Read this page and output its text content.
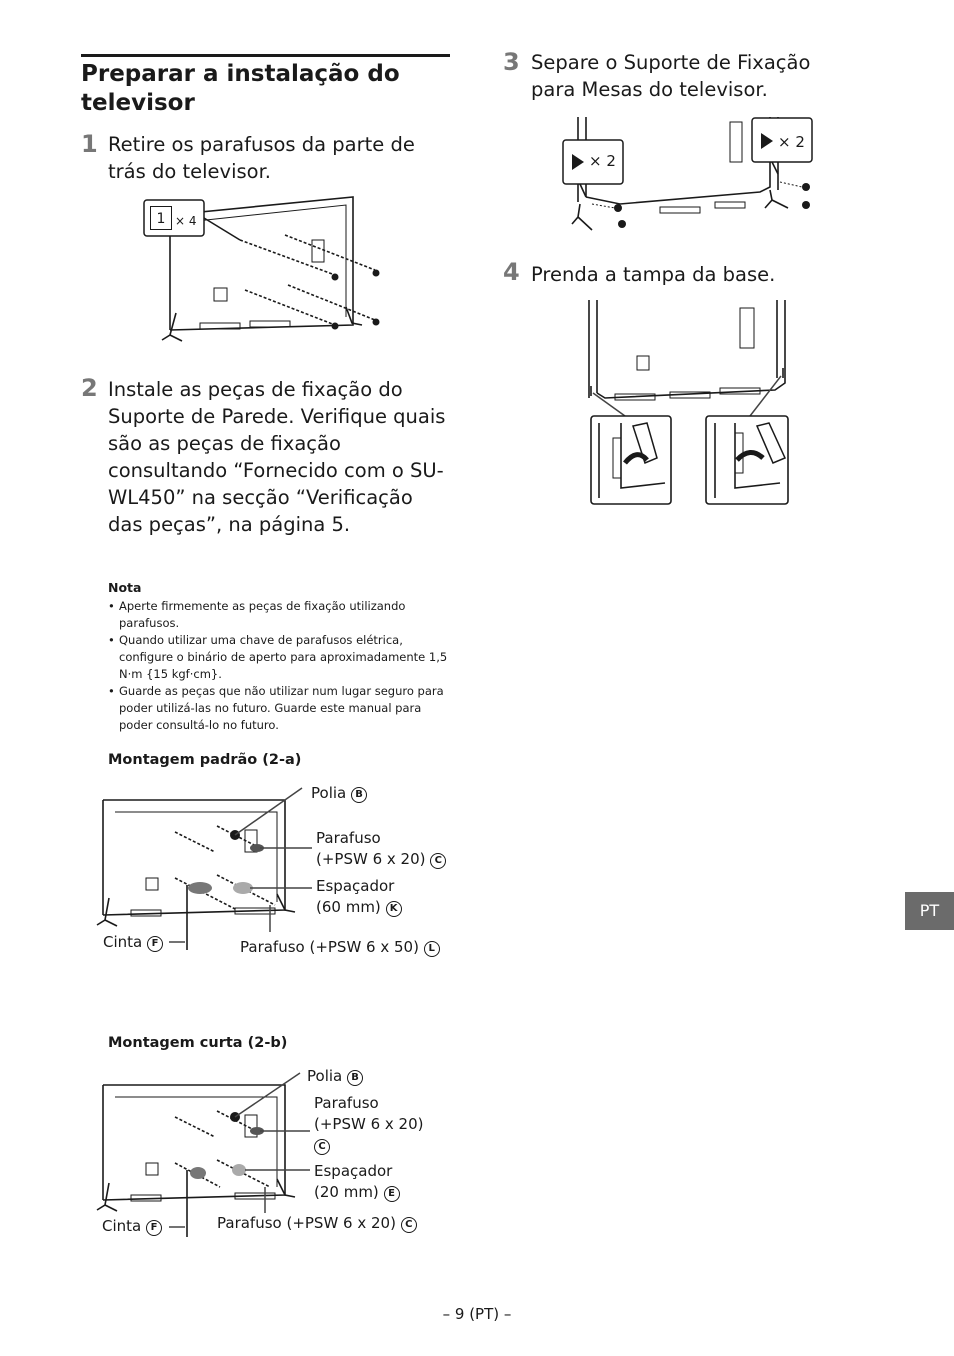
Preparar a instalação do televisor
1 Retire os parafusos da parte de trás do televisor.
1 × 4
2 Instale as peças de fixação do Suporte de Parede. Verifique quais são as peças de fixação consultando “Fornecido com o SU-WL450” na secção “Verificação das peças”, na página 5.
Nota
• Aperte firmemente as peças de fixação utilizando parafusos.
• Quando utilizar uma chave de parafusos elétrica, configure o binário de aperto para aproximadamente 1,5 N·m {15 kgf·cm}.
• Guarde as peças que não utilizar num lugar seguro para poder utilizá-las no futuro. Guarde este manual para poder consultá-lo no futuro.
Montagem padrão (2-a)
Polia B
Parafuso
(+PSW 6 x 20) C
Espaçador
(60 mm) K
Cinta F	Parafuso (+PSW 6 x 50) L
Montagem curta (2-b)
Polia B
Parafuso
(+PSW 6 x 20)
C
Espaçador
(20 mm) E
Cinta F	Parafuso (+PSW 6 x 20) C
3 Separe o Suporte de Fixação para Mesas do televisor.
× 2
× 2
4 Prenda a tampa da base.
PT
– 9 (PT) –
